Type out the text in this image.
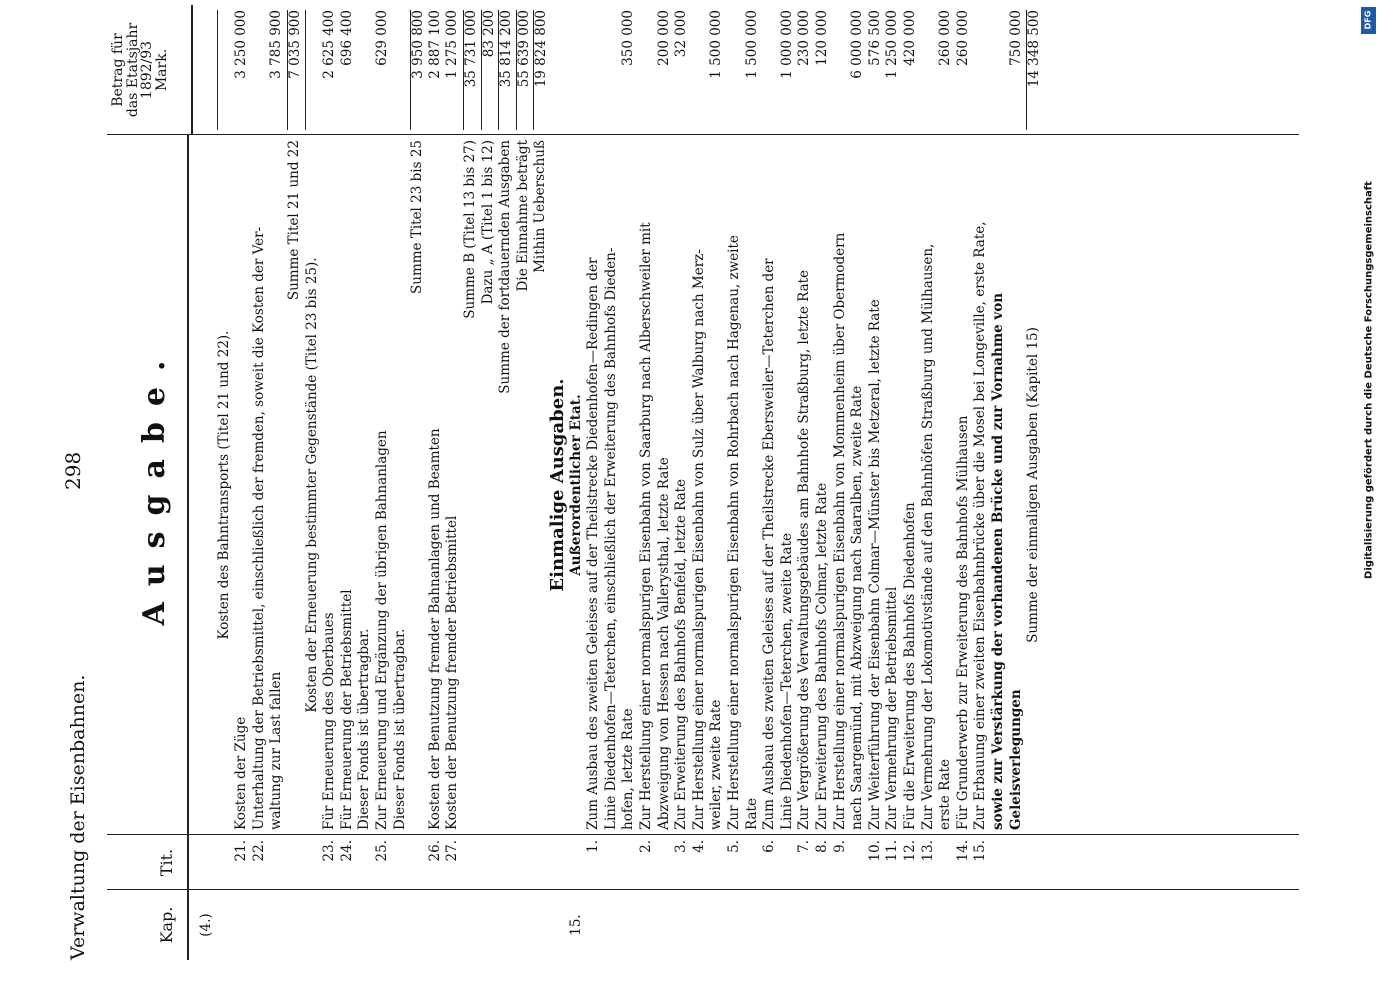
Verwaltung der Eisenbahnen.
298
Kap.
Tit.
Ausgabe.
Betrag für
das Etatsjahr
1892/93
Mark.
(4.)
Kosten des Bahntransports (Titel 21 und 22).
21.
Kosten der Züge
3 250 000
22.
Unterhaltung der Betriebsmittel, einschließlich der fremden, soweit die Kosten der Ver- waltung zur Last fallen
3 785 900
Summe Titel 21 und 22
7 035 900
Kosten der Erneuerung bestimmter Gegenstände (Titel 23 bis 25).
23.
Für Erneuerung des Oberbaues
2 625 400
24.
Für Erneuerung der Betriebsmittel
696 400
Dieser Fonds ist übertragbar.
25.
Zur Erneuerung und Ergänzung der übrigen Bahnanlagen
629 000
Dieser Fonds ist übertragbar.
Summe Titel 23 bis 25
3 950 800
26.
Kosten der Benutzung fremder Bahnanlagen und Beamten
2 887 100
27.
Kosten der Benutzung fremder Betriebsmittel
1 275 000
Summe B (Titel 13 bis 27)
35 731 000
Dazu „ A (Titel 1 bis 12)
83 200
Summe der fortdauernden Ausgaben
35 814 200
Die Einnahme beträgt
55 639 000
Mithin Ueberschuß
19 824 800
Einmalige Ausgaben.
15.
Außerordentlicher Etat.
1.
Zum Ausbau des zweiten Geleises auf der Theilstrecke Diedenhofen—Redingen der Linie Diedenhofen—Teterchen, einschließlich der Erweiterung des Bahnhofs Dieden- hofen, letzte Rate
350 000
2.
Zur Herstellung einer normalspurigen Eisenbahn von Saarburg nach Alberschweiler mit Abzweigung von Hessen nach Vallerysthal, letzte Rate
200 000
3.
Zur Erweiterung des Bahnhofs Benfeld, letzte Rate
32 000
4.
Zur Herstellung einer normalspurigen Eisenbahn von Sulz über Walburg nach Merz- weiler, zweite Rate
1 500 000
5.
Zur Herstellung einer normalspurigen Eisenbahn von Rohrbach nach Hagenau, zweite Rate
1 500 000
6.
Zum Ausbau des zweiten Geleises auf der Theilstrecke Ebersweiler—Teterchen der Linie Diedenhofen—Teterchen, zweite Rate
1 000 000
7.
Zur Vergrößerung des Verwaltungsgebäudes am Bahnhofe Straßburg, letzte Rate
230 000
8.
Zur Erweiterung des Bahnhofs Colmar, letzte Rate
120 000
9.
Zur Herstellung einer normalspurigen Eisenbahn von Mommenheim über Obermodern nach Saargemünd, mit Abzweigung nach Saaralben, zweite Rate
6 000 000
10.
Zur Weiterführung der Eisenbahn Colmar—Münster bis Metzeral, letzte Rate
576 500
11.
Zur Vermehrung der Betriebsmittel
1 250 000
12.
Für die Erweiterung des Bahnhofs Diedenhofen
420 000
13.
Zur Vermehrung der Lokomotivstände auf den Bahnhöfen Straßburg und Mülhausen, erste Rate
260 000
14.
Für Grunderwerb zur Erweiterung des Bahnhofs Mülhausen
260 000
15.
Zur Erbauung einer zweiten Eisenbahnbrücke über die Mosel bei Longeville, erste Rate, sowie zur Verstärkung der vorhandenen Brücke und zur Vornahme von Geleisverlegungen
750 000
Summe der einmaligen Ausgaben (Kapitel 15)
14 348 500	DFG
Digitalisierung gefördert durch die Deutsche Forschungsgemeinschaft
